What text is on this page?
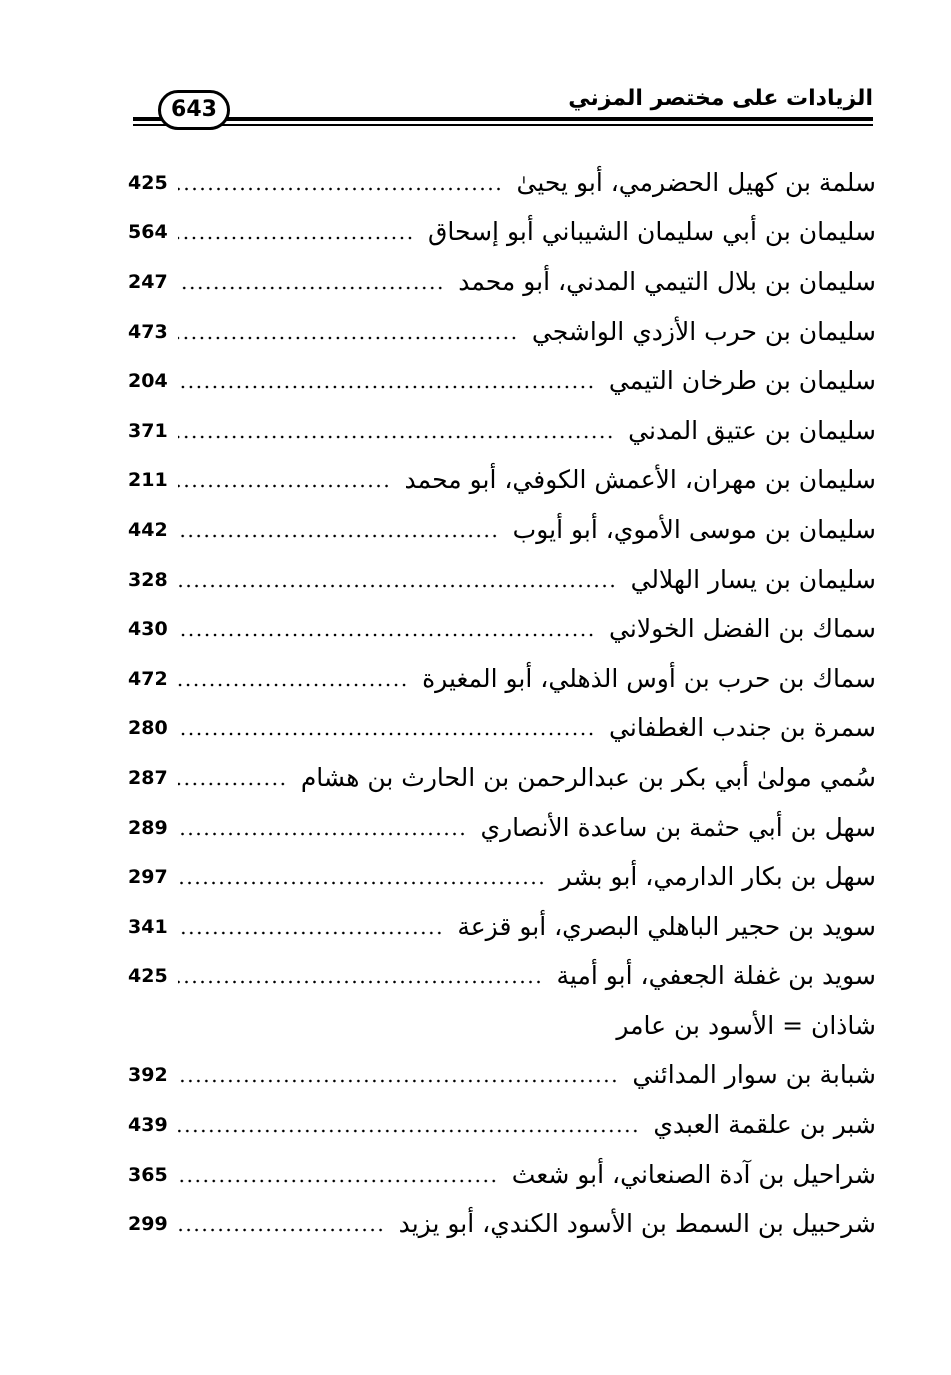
643	الزيادات على مختصر المزني
سلمة بن كهيل الحضرمي، أبو يحيىٰ
425
سليمان بن أبي سليمان الشيباني أبو إسحاق
564
سليمان بن بلال التيمي المدني، أبو محمد
247
سليمان بن حرب الأزدي الواشجي
473
سليمان بن طرخان التيمي
204
سليمان بن عتيق المدني
371
سليمان بن مهران، الأعمش الكوفي، أبو محمد
211
سليمان بن موسى الأموي، أبو أيوب
442
سليمان بن يسار الهلالي
328
سماك بن الفضل الخولاني
430
سماك بن حرب بن أوس الذهلي، أبو المغيرة
472
سمرة بن جندب الغطفاني
280
سُمي مولىٰ أبي بكر بن عبدالرحمن بن الحارث بن هشام
287
سهل بن أبي حثمة بن ساعدة الأنصاري
289
سهل بن بكار الدارمي، أبو بشر
297
سويد بن حجير الباهلي البصري، أبو قزعة
341
سويد بن غفلة الجعفي، أبو أمية
425
شاذان = الأسود بن عامر
شبابة بن سوار المدائني
392
شبر بن علقمة العبدي
439
شراحيل بن آدة الصنعاني، أبو شعث
365
شرحبيل بن السمط بن الأسود الكندي، أبو يزيد
299
